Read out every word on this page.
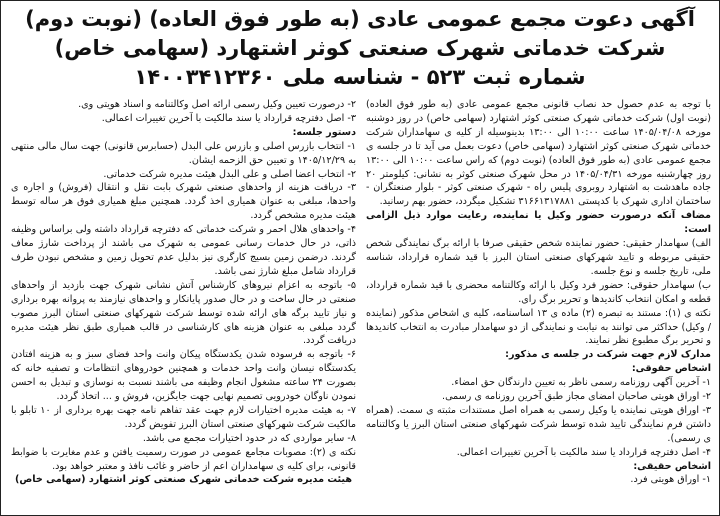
آگهی دعوت مجمع عمومی عادی (به طور فوق العاده) (نوبت دوم)
شرکت خدماتی شهرک صنعتی کوثر اشتهارد (سهامی خاص)
شماره ثبت ۵۲۳ - شناسه ملی ۱۴۰۰۳۴۱۲۳۶۰

با توجه به عدم حصول حد نصاب قانونی مجمع عمومی عادی (به طور فوق العاده) (نوبت اول) شرکت خدماتی شهرک صنعتی کوثر اشتهارد (سهامی خاص) در روز دوشنبه مورخه ۱۴۰۵/۰۴/۰۸ ساعت ۱۰:۰۰ الی ۱۳:۰۰ بدینوسیله از کلیه ی سهامداران شرکت خدماتی شهرک صنعتی کوثر اشتهارد (سهامی خاص) دعوت بعمل می آید تا در جلسه ی مجمع عمومی عادی (به طور فوق العاده) (نوبت دوم) که راس ساعت ۱۰:۰۰ الی ۱۳:۰۰ روز چهارشنبه مورخه ۱۴۰۵/۰۴/۳۱ در محل شهرک صنعتی کوثر به نشانی: کیلومتر ۲۰ جاده ماهدشت به اشتهارد روبروی پلیس راه - شهرک صنعتی کوثر - بلوار صنعتگران - ساختمان اداری شهرک با کدپستی ۳۱۶۶۱۳۱۷۸۸۱ تشکیل میگردد، حضور بهم رسانید.

مضاف آنکه درصورت حضور وکیل یا نماینده، رعایت موارد ذیل الزامی است:

الف) سهامدار حقیقی: حضور نماینده شخص حقیقی صرفا با ارائه برگ نمایندگی شخص حقیقی مربوطه و تایید شهرکهای صنعتی استان البرز با قید شماره قرارداد، شناسه ملی، تاریخ جلسه و نوع جلسه.

ب) سهامدار حقوقی: حضور فرد وکیل با ارائه وکالتنامه محضری با قید شماره قرارداد، قطعه و امکان انتخاب کاندیدها و تحریر برگ رای.

نکته ی (۱): مستند به تبصره (۲) ماده ی ۱۳ اساسنامه، کلیه ی اشخاص مذکور (نماینده / وکیل) حداکثر می توانند به نیابت و نمایندگی از دو سهامدار مبادرت به انتخاب کاندیدها و تحریر برگ مطبوع نظر نمایند.

مدارک لازم جهت شرکت در جلسه ی مذکور:

اشخاص حقوقی:

۱- آخرین آگهی روزنامه رسمی ناظر به تعیین دارندگان حق امضاء.

۲- اوراق هویتی صاحبان امضای مجاز طبق آخرین روزنامه ی رسمی.

۳- اوراق هویتی نماینده یا وکیل رسمی به همراه اصل مستندات مثبته ی سمت. (همراه داشتن فرم نمایندگی تایید شده توسط شرکت شهرکهای صنعتی استان البرز یا وکالتنامه ی رسمی).

۴- اصل دفترچه قرارداد یا سند مالکیت با آخرین تغییرات اعمالی.

اشخاص حقیقی:

۱- اوراق هویتی فرد.

۲- درصورت تعیین وکیل رسمی ارائه اصل وکالتنامه و اسناد هویتی وی.

۳- اصل دفترچه قرارداد یا سند مالکیت با آخرین تغییرات اعمالی.

دستور جلسه:

۱- انتخاب بازرس اصلی و بازرس علی البدل (حسابرس قانونی) جهت سال مالی منتهی به ۱۴۰۵/۱۲/۲۹ و تعیین حق الزحمه ایشان.

۲- انتخاب اعضا اصلی و علی البدل هیئت مدیره شرکت خدماتی.

۳- دریافت هزینه از واحدهای صنعتی شهرک بابت نقل و انتقال (فروش) و اجاره ی واحدها، مبلغی به عنوان همیاری اخذ گردد. همچنین مبلغ همیاری فوق هر ساله توسط هیئت مدیره مشخص گردد.

۴- واحدهای هلال احمر و شرکت خدماتی که دفترچه قرارداد داشته ولی براساس وظیفه ذاتی، در حال خدمات رسانی عمومی به شهرک می باشند از پرداخت شارژ معاف گردند. درضمن زمین بسیج کارگری نیز بدلیل عدم تحویل زمین و مشخص نبودن طرف قرارداد شامل مبلغ شارژ نمی باشد.

۵- باتوجه به اعزام نیروهای کارشناس آتش نشانی شهرک جهت بازدید از واحدهای صنعتی در حال ساخت و در حال صدور پایانکار و واحدهای نیازمند به پروانه بهره برداری و نیاز تایید برگه های ارائه شده توسط شرکت شهرکهای صنعتی استان البرز مصوب گردد مبلغی به عنوان هزینه های کارشناسی در قالب همیاری طبق نظر هیئت مدیره دریافت گردد.

۶- باتوجه به فرسوده شدن یکدستگاه پیکان وانت واحد فضای سبز و به هزینه افتادن یکدستگاه نیسان وانت واحد خدمات و همچنین خودروهای انتظامات و تصفیه خانه که بصورت ۲۴ ساعته مشغول انجام وظیفه می باشند نسبت به نوسازی و تبدیل به احسن نمودن ناوگان خودرویی تصمیم نهایی جهت جایگزین، فروش و ... اتخاذ گردد.

۷- به هیئت مدیره اختیارات لازم جهت عقد تفاهم نامه جهت بهره برداری از ۱۰ تابلو با مالکیت شرکت شهرکهای صنعتی استان البرز تفویض گردد.

۸- سایر مواردی که در حدود اختیارات مجمع می باشد.

نکته ی (۲): مصوبات مجامع عمومی در صورت رسمیت یافتن و عدم مغایرت با ضوابط قانونی، برای کلیه ی سهامداران اعم از حاضر و غائب نافذ و معتبر خواهد بود.

هیئت مدیره شرکت خدماتی شهرک صنعتی کوثر اشتهارد (سهامی خاص)
